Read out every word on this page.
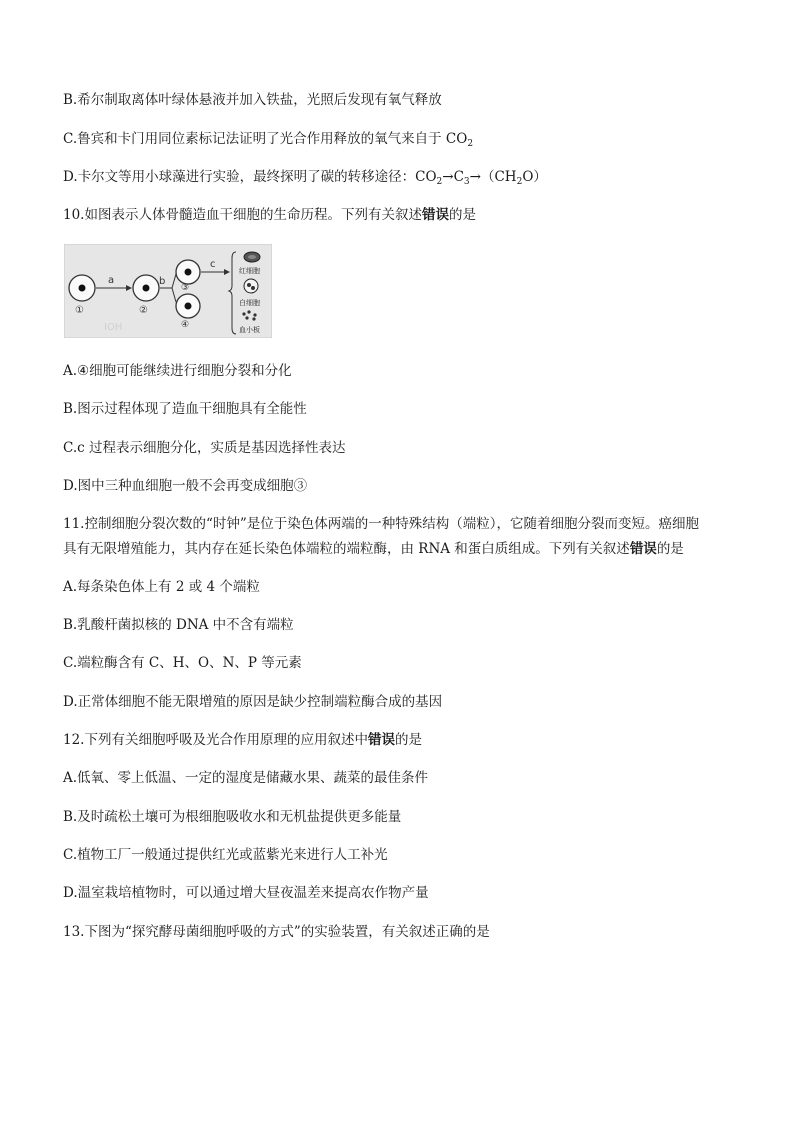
B.希尔制取离体叶绿体悬液并加入铁盐，光照后发现有氧气释放
C.鲁宾和卡门用同位素标记法证明了光合作用释放的氧气来自于 $CO_2$
D.卡尔文等用小球藻进行实验，最终探明了碳的转移途径：$CO_2\to C_3\to(CH_2O)$
10.如图表示人体骨髓造血干细胞的生命历程。下列有关叙述错误的是
IOH
①
a
②
b
③
④
c
红细胞
白细胞
血小板
A.④细胞可能继续进行细胞分裂和分化
B.图示过程体现了造血干细胞具有全能性
C.c 过程表示细胞分化，实质是基因选择性表达
D.图中三种血细胞一般不会再变成细胞③
11.控制细胞分裂次数的“时钟”是位于染色体两端的一种特殊结构（端粒），它随着细胞分裂而变短。癌细胞
具有无限增殖能力，其内存在延长染色体端粒的端粒酶，由 RNA 和蛋白质组成。下列有关叙述错误的是
A.每条染色体上有 2 或 4 个端粒
B.乳酸杆菌拟核的 DNA 中不含有端粒
C.端粒酶含有 C、H、O、N、P 等元素
D.正常体细胞不能无限增殖的原因是缺少控制端粒酶合成的基因
12.下列有关细胞呼吸及光合作用原理的应用叙述中错误的是
A.低氧、零上低温、一定的湿度是储藏水果、蔬菜的最佳条件
B.及时疏松土壤可为根细胞吸收水和无机盐提供更多能量
C.植物工厂一般通过提供红光或蓝紫光来进行人工补光
D.温室栽培植物时，可以通过增大昼夜温差来提高农作物产量
13.下图为“探究酵母菌细胞呼吸的方式”的实验装置，有关叙述正确的是
